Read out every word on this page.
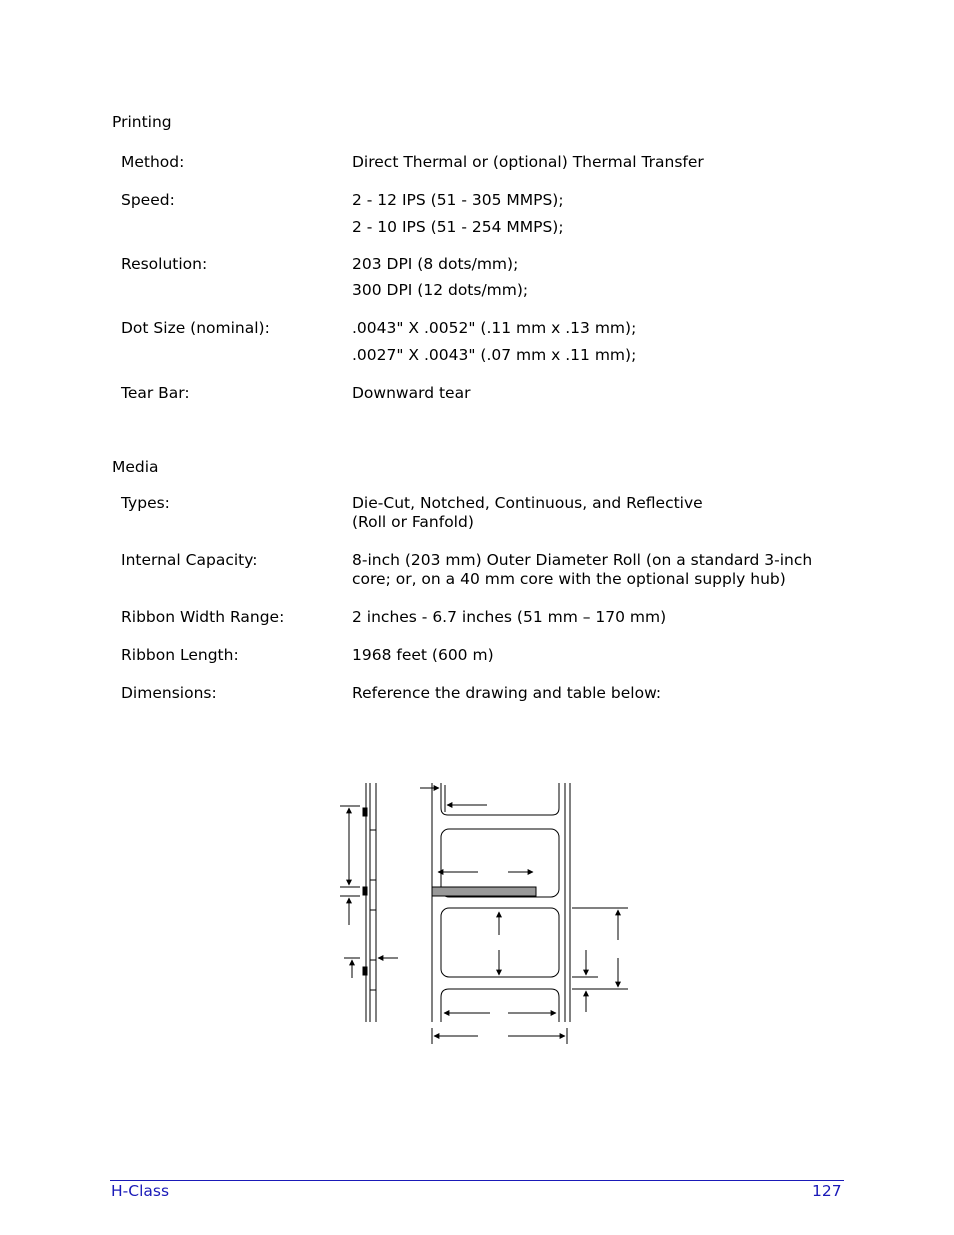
Printing
Method:	Direct Thermal or (optional) Thermal Transfer
Speed:	2 - 12 IPS (51 - 305 MMPS);
2 - 10 IPS (51 - 254 MMPS);
Resolution:	203 DPI (8 dots/mm);
300 DPI (12 dots/mm);
Dot Size (nominal):	.0043" X .0052" (.11 mm x .13 mm);
.0027" X .0043" (.07 mm x .11 mm);
Tear Bar:	Downward tear
Media
Types:	Die-Cut, Notched, Continuous, and Reflective
(Roll or Fanfold)
Internal Capacity:	8-inch (203 mm) Outer Diameter Roll (on a standard 3-inch
core; or, on a 40 mm core with the optional supply hub)
Ribbon Width Range:	2 inches - 6.7 inches (51 mm – 170 mm)
Ribbon Length:	1968 feet (600 m)
Dimensions:	Reference the drawing and table below:
H-Class	127
